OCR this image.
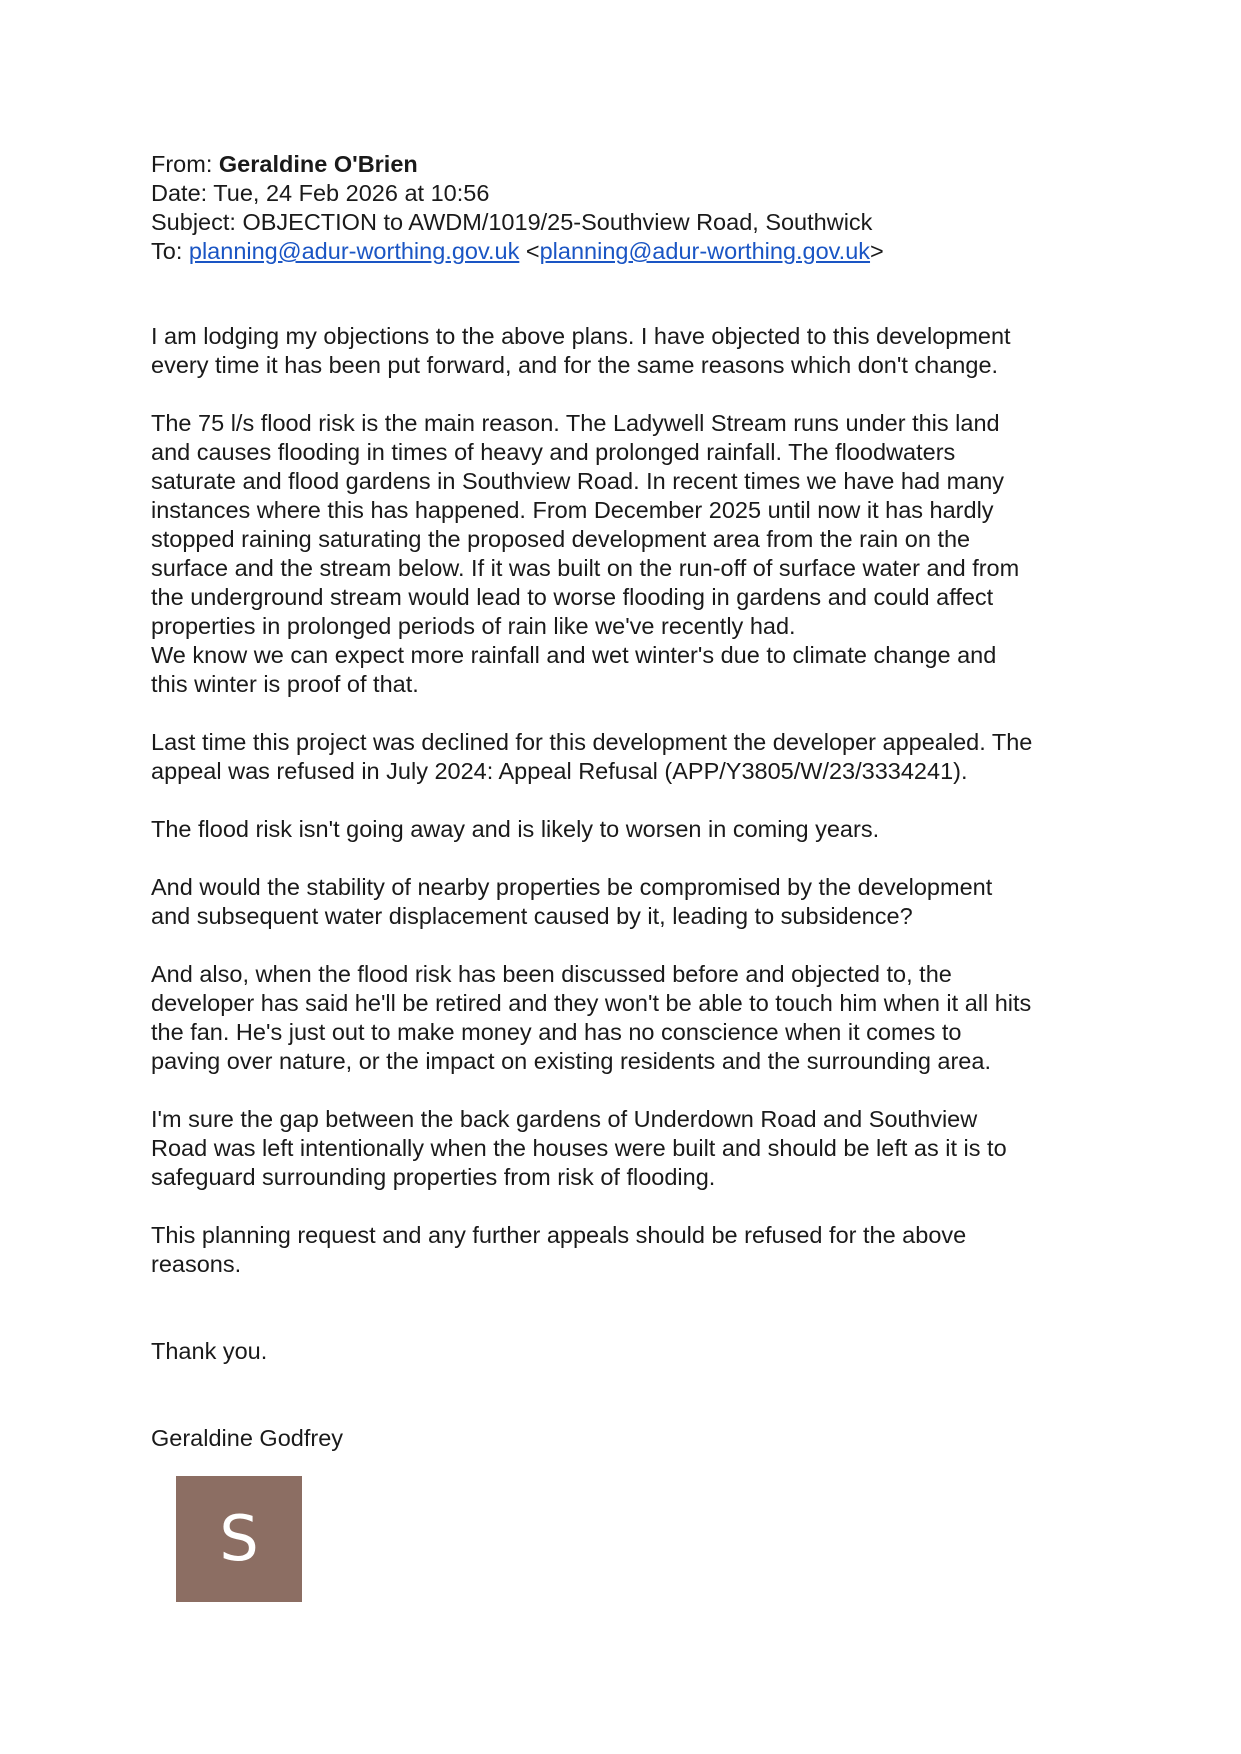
From: Geraldine O'Brien

Date: Tue, 24 Feb 2026 at 10:56

Subject: OBJECTION to AWDM/1019/25-Southview Road, Southwick

To: planning@adur-worthing.gov.uk <planning@adur-worthing.gov.uk>

I am lodging my objections to the above plans. I have objected to this development
every time it has been put forward, and for the same reasons which don't change.

The 75 l/s flood risk is the main reason. The Ladywell Stream runs under this land
and causes flooding in times of heavy and prolonged rainfall. The floodwaters
saturate and flood gardens in Southview Road. In recent times we have had many
instances where this has happened. From December 2025 until now it has hardly
stopped raining saturating the proposed development area from the rain on the
surface and the stream below. If it was built on the run-off of surface water and from
the underground stream would lead to worse flooding in gardens and could affect
properties in prolonged periods of rain like we've recently had.
We know we can expect more rainfall and wet winter's due to climate change and
this winter is proof of that.

Last time this project was declined for this development the developer appealed. The
appeal was refused in July 2024: Appeal Refusal (APP/Y3805/W/23/3334241).

The flood risk isn't going away and is likely to worsen in coming years.

And would the stability of nearby properties be compromised by the development
and subsequent water displacement caused by it, leading to subsidence?

And also, when the flood risk has been discussed before and objected to, the
developer has said he'll be retired and they won't be able to touch him when it all hits
the fan. He's just out to make money and has no conscience when it comes to
paving over nature, or the impact on existing residents and the surrounding area.

I'm sure the gap between the back gardens of Underdown Road and Southview
Road was left intentionally when the houses were built and should be left as it is to
safeguard surrounding properties from risk of flooding.

This planning request and any further appeals should be refused for the above
reasons.

Thank you.

Geraldine Godfrey

S
